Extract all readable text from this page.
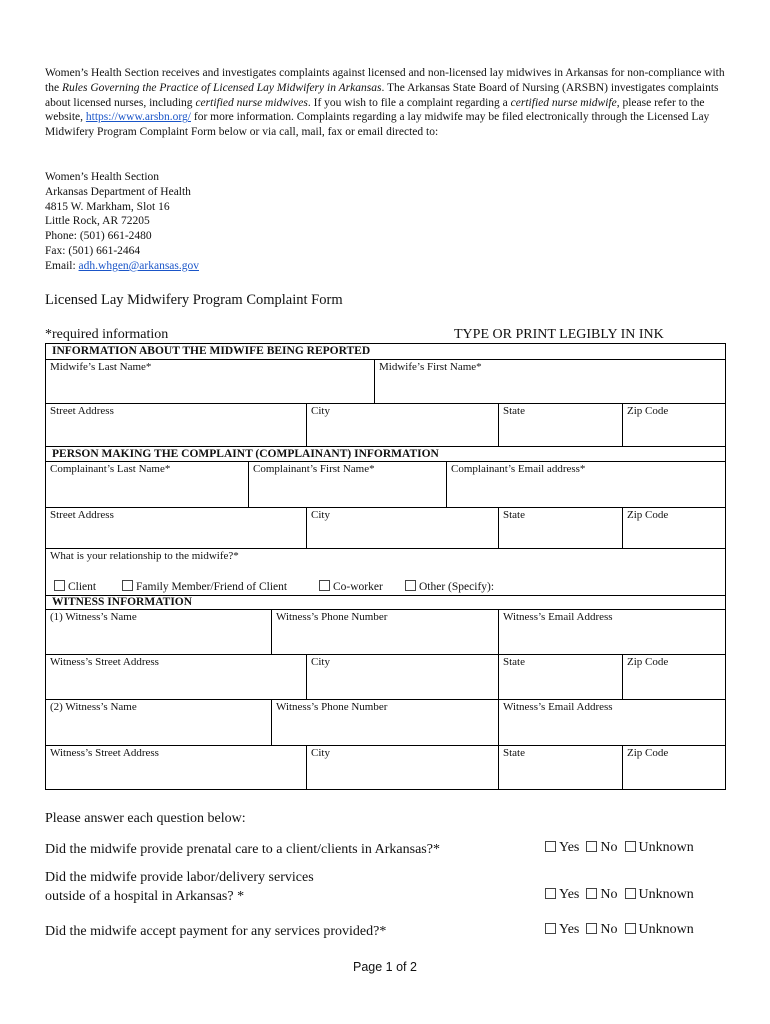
Women’s Health Section receives and investigates complaints against licensed and non-licensed lay midwives in Arkansas for non-compliance with the Rules Governing the Practice of Licensed Lay Midwifery in Arkansas. The Arkansas State Board of Nursing (ARSBN) investigates complaints about licensed nurses, including certified nurse midwives. If you wish to file a complaint regarding a certified nurse midwife, please refer to the website, https://www.arsbn.org/ for more information. Complaints regarding a lay midwife may be filed electronically through the Licensed Lay Midwifery Program Complaint Form below or via call, mail, fax or email directed to:
Women’s Health Section
Arkansas Department of Health
4815 W. Markham, Slot 16
Little Rock, AR 72205
Phone: (501) 661-2480
Fax: (501) 661-2464
Email: adh.whgen@arkansas.gov
Licensed Lay Midwifery Program Complaint Form
*required information	TYPE OR PRINT LEGIBLY IN INK
INFORMATION ABOUT THE MIDWIFE BEING REPORTED
Midwife’s Last Name*	Midwife’s First Name*
Street Address	City	State	Zip Code
PERSON MAKING THE COMPLAINT (COMPLAINANT) INFORMATION
Complainant’s Last Name*	Complainant’s First Name*	Complainant’s Email address*
Street Address	City	State	Zip Code
What is your relationship to the midwife?*
Client	Family Member/Friend of Client	Co-worker	Other (Specify):
WITNESS INFORMATION
(1) Witness’s Name	Witness’s Phone Number	Witness’s Email Address
Witness’s Street Address	City	State	Zip Code
(2) Witness’s Name	Witness’s Phone Number	Witness’s Email Address
Witness’s Street Address	City	State	Zip Code
Please answer each question below:
Did the midwife provide prenatal care to a client/clients in Arkansas?*
Did the midwife provide labor/delivery services
outside of a hospital in Arkansas? *
Did the midwife accept payment for any services provided?*
Yes No Unknown
Yes No Unknown
Yes No Unknown
Page 1 of 2
